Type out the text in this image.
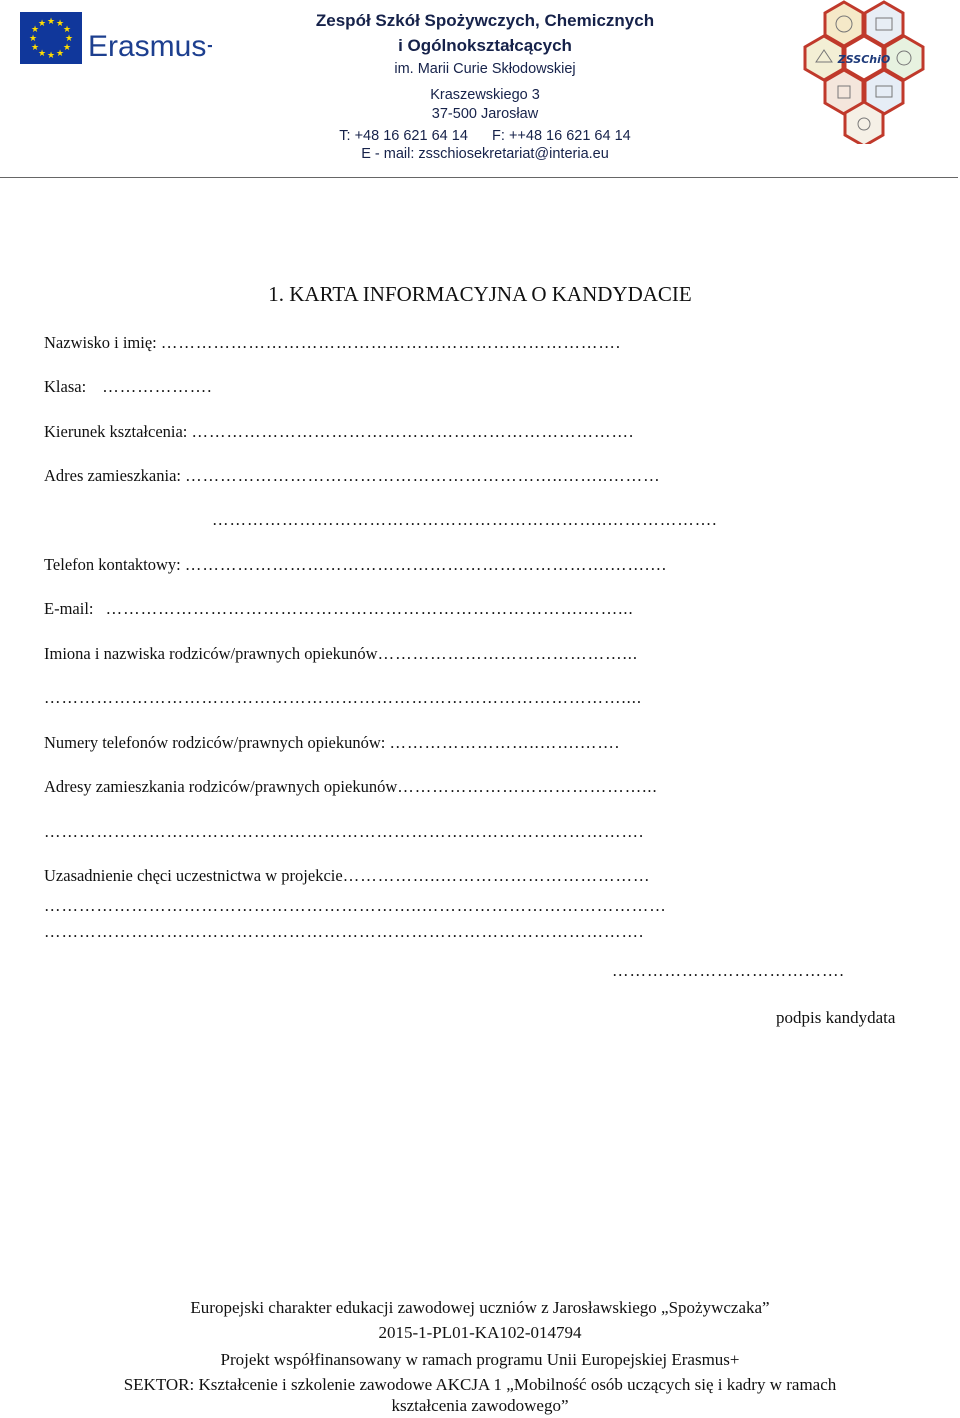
★ ★
★
★
★
★
★
★
★
★
★
★
Erasmus+
Zespół Szkół Spożywczych, Chemicznych
i Ogólnokształcących
im. Marii Curie Skłodowskiej
Kraszewskiego 3
37-500 Jarosław
T: +48 16 621 64 14      F: ++48 16 621 64 14
E - mail: zsschiosekretariat@interia.eu
ZSSChiO
1. KARTA INFORMACYJNA O KANDYDACIE
Nazwisko i imię: …………………………………………………………………….
Klasa: ……………….
Kierunek kształcenia: ………………………………………………………………….
Adres zamieszkania: ………………………………………………………..……..………
…………………………………………………………..……………….
Telefon kontaktowy: ……………………………………………………………….…….…
E-mail: ……………………………………………………………………….……...
Imiona i nazwiska rodziców/prawnych opiekunów……………………………………...
………………………………………………………………………………………....
Numery telefonów rodziców/prawnych opiekunów: ……………………..…….…….
Adresy zamieszkania rodziców/prawnych opiekunów……………………………………...
………………………………………………………………………………………….
Uzasadnienie chęci uczestnictwa w projekcie……………..………………………………
………………………………………………………..……………………………………
………………………………………………………………………………………….
………………………………….
podpis kandydata
Europejski charakter edukacji zawodowej uczniów z Jarosławskiego „Spożywczaka”
2015-1-PL01-KA102-014794
Projekt współfinansowany w ramach programu Unii Europejskiej Erasmus+
SEKTOR: Kształcenie i szkolenie zawodowe AKCJA 1 „Mobilność osób uczących się i kadry w ramach
kształcenia zawodowego”
